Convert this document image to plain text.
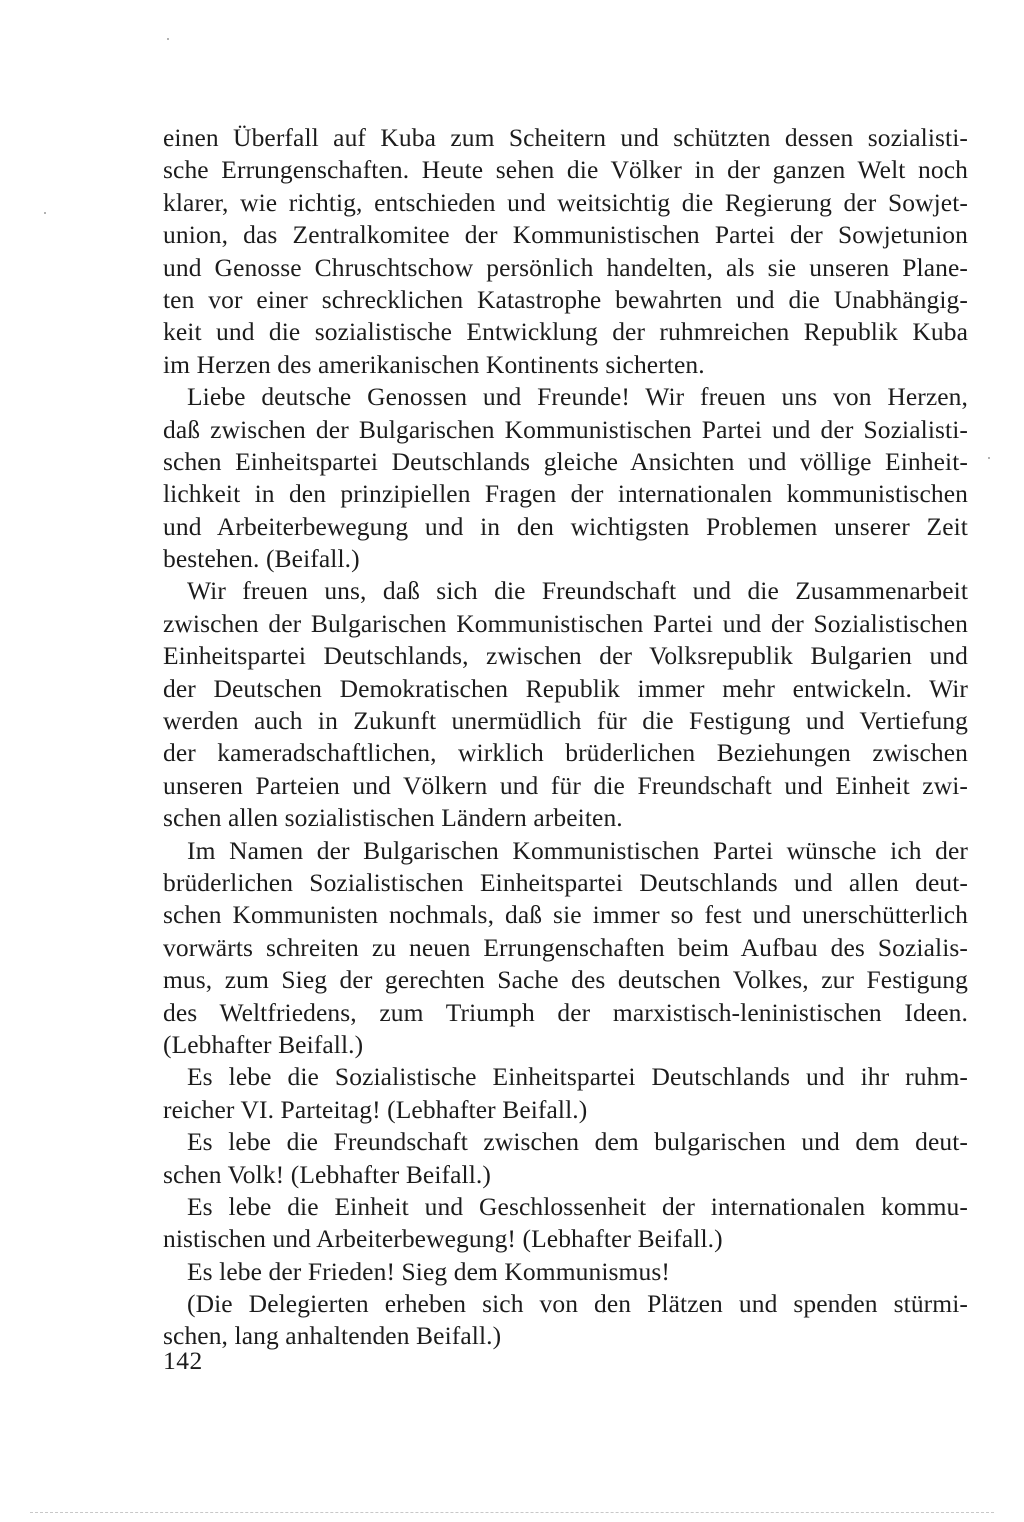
einen Überfall auf Kuba zum Scheitern und schützten dessen sozialisti-
sche Errungenschaften. Heute sehen die Völker in der ganzen Welt noch
klarer, wie richtig, entschieden und weitsichtig die Regierung der Sowjet-
union, das Zentralkomitee der Kommunistischen Partei der Sowjetunion
und Genosse Chruschtschow persönlich handelten, als sie unseren Plane-
ten vor einer schrecklichen Katastrophe bewahrten und die Unabhängig-
keit und die sozialistische Entwicklung der ruhmreichen Republik Kuba
im Herzen des amerikanischen Kontinents sicherten.
Liebe deutsche Genossen und Freunde! Wir freuen uns von Herzen,
daß zwischen der Bulgarischen Kommunistischen Partei und der Sozialisti-
schen Einheitspartei Deutschlands gleiche Ansichten und völlige Einheit-
lichkeit in den prinzipiellen Fragen der internationalen kommunistischen
und Arbeiterbewegung und in den wichtigsten Problemen unserer Zeit
bestehen. (Beifall.)
Wir freuen uns, daß sich die Freundschaft und die Zusammenarbeit
zwischen der Bulgarischen Kommunistischen Partei und der Sozialistischen
Einheitspartei Deutschlands, zwischen der Volksrepublik Bulgarien und
der Deutschen Demokratischen Republik immer mehr entwickeln. Wir
werden auch in Zukunft unermüdlich für die Festigung und Vertiefung
der kameradschaftlichen, wirklich brüderlichen Beziehungen zwischen
unseren Parteien und Völkern und für die Freundschaft und Einheit zwi-
schen allen sozialistischen Ländern arbeiten.
Im Namen der Bulgarischen Kommunistischen Partei wünsche ich der
brüderlichen Sozialistischen Einheitspartei Deutschlands und allen deut-
schen Kommunisten nochmals, daß sie immer so fest und unerschütterlich
vorwärts schreiten zu neuen Errungenschaften beim Aufbau des Sozialis-
mus, zum Sieg der gerechten Sache des deutschen Volkes, zur Festigung
des Weltfriedens, zum Triumph der marxistisch-leninistischen Ideen.
(Lebhafter Beifall.)
Es lebe die Sozialistische Einheitspartei Deutschlands und ihr ruhm-
reicher VI. Parteitag! (Lebhafter Beifall.)
Es lebe die Freundschaft zwischen dem bulgarischen und dem deut-
schen Volk! (Lebhafter Beifall.)
Es lebe die Einheit und Geschlossenheit der internationalen kommu-
nistischen und Arbeiterbewegung! (Lebhafter Beifall.)
Es lebe der Frieden! Sieg dem Kommunismus!
(Die Delegierten erheben sich von den Plätzen und spenden stürmi-
schen, lang anhaltenden Beifall.)
142
